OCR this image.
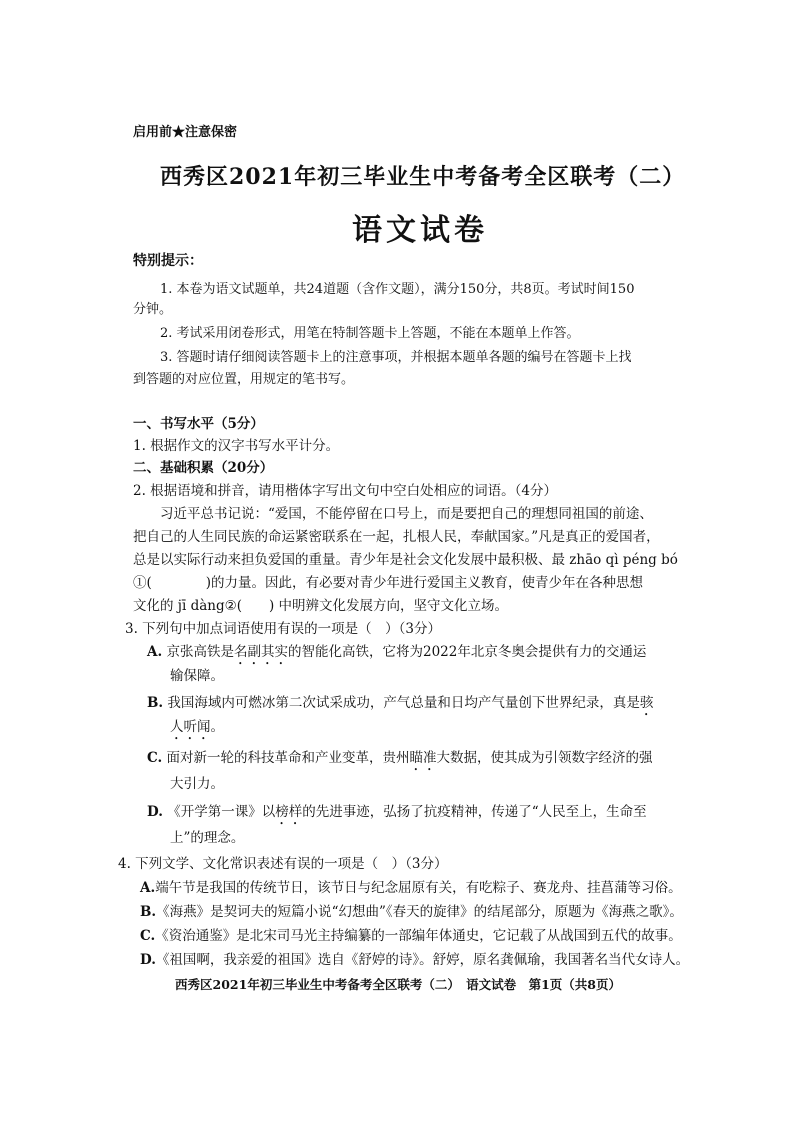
启用前★注意保密
西秀区2021年初三毕业生中考备考全区联考（二）
语文试卷
特别提示：
1. 本卷为语文试题单，共24道题（含作文题），满分150分，共8页。考试时间150
分钟。
2. 考试采用闭卷形式，用笔在特制答题卡上答题，不能在本题单上作答。
3. 答题时请仔细阅读答题卡上的注意事项，并根据本题单各题的编号在答题卡上找
到答题的对应位置，用规定的笔书写。
一、书写水平（5分）
1. 根据作文的汉字书写水平计分。
二、基础积累（20分）
2. 根据语境和拼音，请用楷体字写出文句中空白处相应的词语。（4分）
习近平总书记说：“爱国，不能停留在口号上，而是要把自己的理想同祖国的前途、
把自己的人生同民族的命运紧密联系在一起，扎根人民，奉献国家。”凡是真正的爱国者，
总是以实际行动来担负爱国的重量。青少年是社会文化发展中最积极、最 zhāo qì péng bó
①(　　　　)的力量。因此，有必要对青少年进行爱国主义教育，使青少年在各种思想
文化的 jī dàng②(　　) 中明辨文化发展方向，坚守文化立场。
3. 下列句中加点词语使用有误的一项是（　）（3分）
A. 京张高铁是名副其实的智能化高铁，它将为2022年北京冬奥会提供有力的交通运
输保障。
B. 我国海域内可燃冰第二次试采成功，产气总量和日均产气量创下世界纪录，真是骇
人听闻。
C. 面对新一轮的科技革命和产业变革，贵州瞄准大数据，使其成为引领数字经济的强
大引力。
D. 《开学第一课》以榜样的先进事迹，弘扬了抗疫精神，传递了“人民至上，生命至
上”的理念。
4. 下列文学、文化常识表述有误的一项是（　）（3分）
A.端午节是我国的传统节日，该节日与纪念屈原有关，有吃粽子、赛龙舟、挂菖蒲等习俗。
B.《海燕》是契诃夫的短篇小说“幻想曲”《春天的旋律》的结尾部分，原题为《海燕之歌》。
C.《资治通鉴》是北宋司马光主持编纂的一部编年体通史，它记载了从战国到五代的故事。
D.《祖国啊，我亲爱的祖国》选自《舒婷的诗》。舒婷，原名龚佩瑜，我国著名当代女诗人。
西秀区2021年初三毕业生中考备考全区联考（二）　语文试卷　第1页（共8页）
